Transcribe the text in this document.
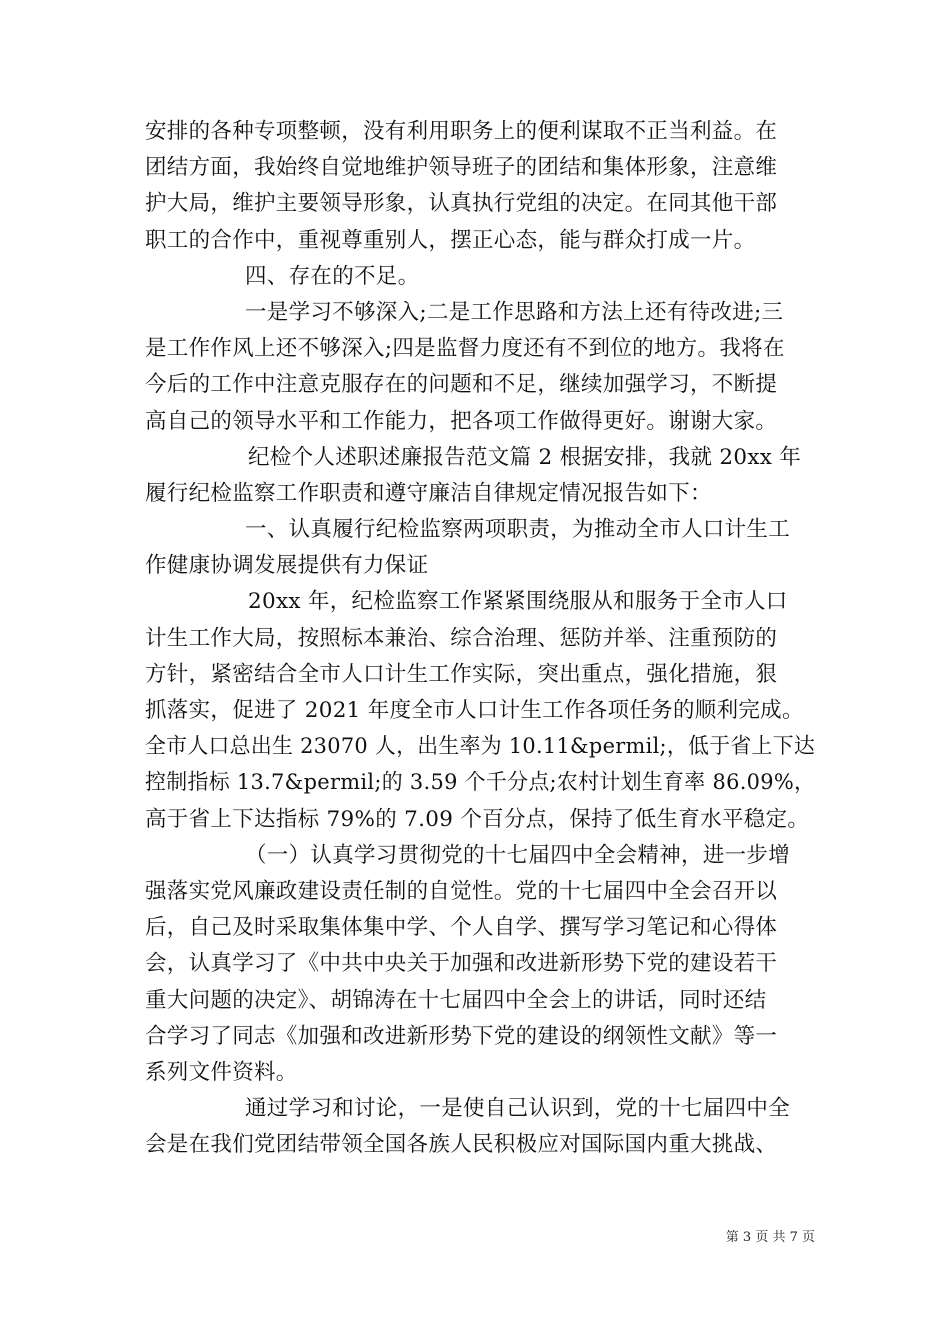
安排的各种专项整顿，没有利用职务上的便利谋取不正当利益。在
团结方面，我始终自觉地维护领导班子的团结和集体形象，注意维
护大局，维护主要领导形象，认真执行党组的决定。在同其他干部
职工的合作中，重视尊重别人，摆正心态，能与群众打成一片。
四、存在的不足。
一是学习不够深入;二是工作思路和方法上还有待改进;三
是工作作风上还不够深入;四是监督力度还有不到位的地方。我将在
今后的工作中注意克服存在的问题和不足，继续加强学习，不断提
高自己的领导水平和工作能力，把各项工作做得更好。谢谢大家。
纪检个人述职述廉报告范文篇 2 根据安排，我就 20xx 年
履行纪检监察工作职责和遵守廉洁自律规定情况报告如下：
一、认真履行纪检监察两项职责，为推动全市人口计生工
作健康协调发展提供有力保证
20xx 年，纪检监察工作紧紧围绕服从和服务于全市人口
计生工作大局，按照标本兼治、综合治理、惩防并举、注重预防的
方针，紧密结合全市人口计生工作实际，突出重点，强化措施，狠
抓落实，促进了 2021 年度全市人口计生工作各项任务的顺利完成。
全市人口总出生 23070 人，出生率为 10.11&permil;，低于省上下达
控制指标 13.7&permil;的 3.59 个千分点;农村计划生育率 86.09%，
高于省上下达指标 79%的 7.09 个百分点，保持了低生育水平稳定。
（一）认真学习贯彻党的十七届四中全会精神，进一步增
强落实党风廉政建设责任制的自觉性。党的十七届四中全会召开以
后，自己及时采取集体集中学、个人自学、撰写学习笔记和心得体
会，认真学习了《中共中央关于加强和改进新形势下党的建设若干
重大问题的决定》、胡锦涛在十七届四中全会上的讲话，同时还结
合学习了同志《加强和改进新形势下党的建设的纲领性文献》等一
系列文件资料。
通过学习和讨论，一是使自己认识到，党的十七届四中全
会是在我们党团结带领全国各族人民积极应对国际国内重大挑战、
第 3 页 共 7 页
